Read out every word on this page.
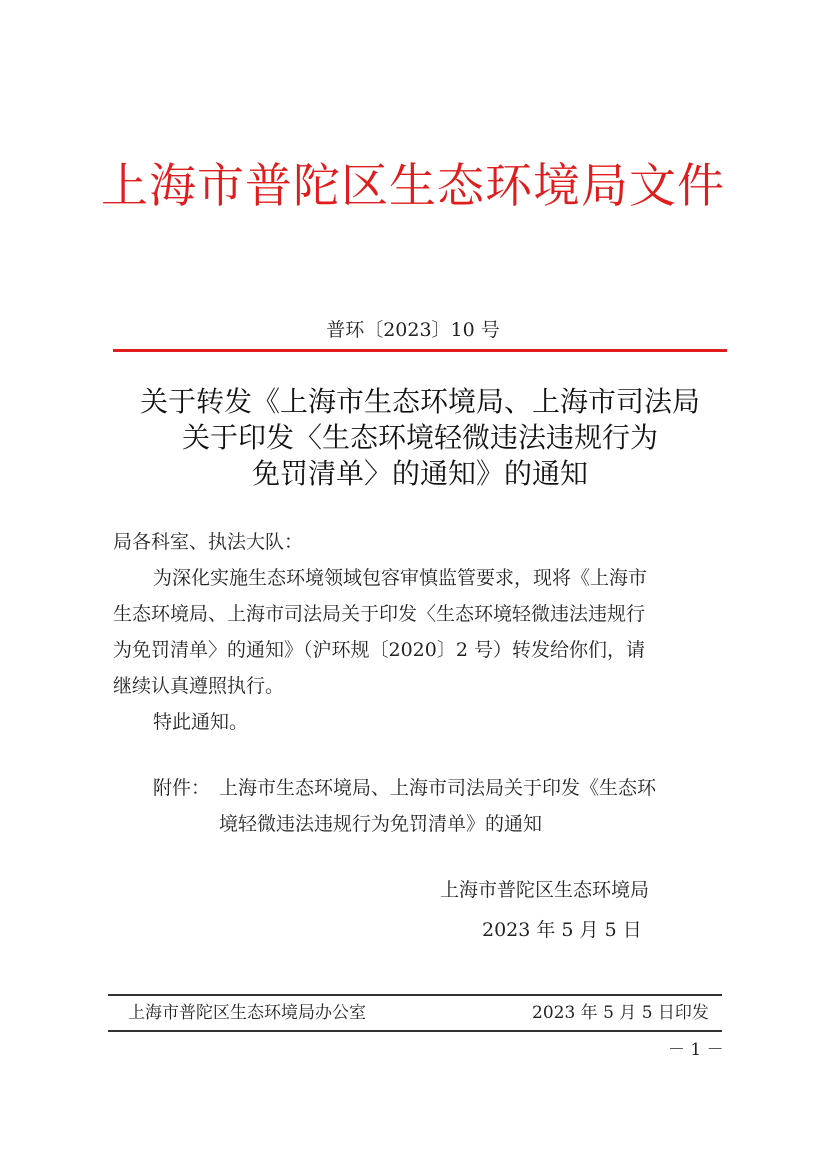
上海市普陀区生态环境局文件
普环〔2023〕10 号
关于转发《上海市生态环境局、上海市司法局
关于印发〈生态环境轻微违法违规行为
免罚清单〉的通知》的通知
局各科室、执法大队：
为深化实施生态环境领域包容审慎监管要求，现将《上海市
生态环境局、上海市司法局关于印发〈生态环境轻微违法违规行
为免罚清单〉的通知》（沪环规〔2020〕2 号）转发给你们，请
继续认真遵照执行。
特此通知。
附件： 上海市生态环境局、上海市司法局关于印发《生态环
境轻微违法违规行为免罚清单》的通知
上海市普陀区生态环境局
2023 年 5 月 5 日
上海市普陀区生态环境局办公室	2023 年 5 月 5 日印发
－ 1 －
